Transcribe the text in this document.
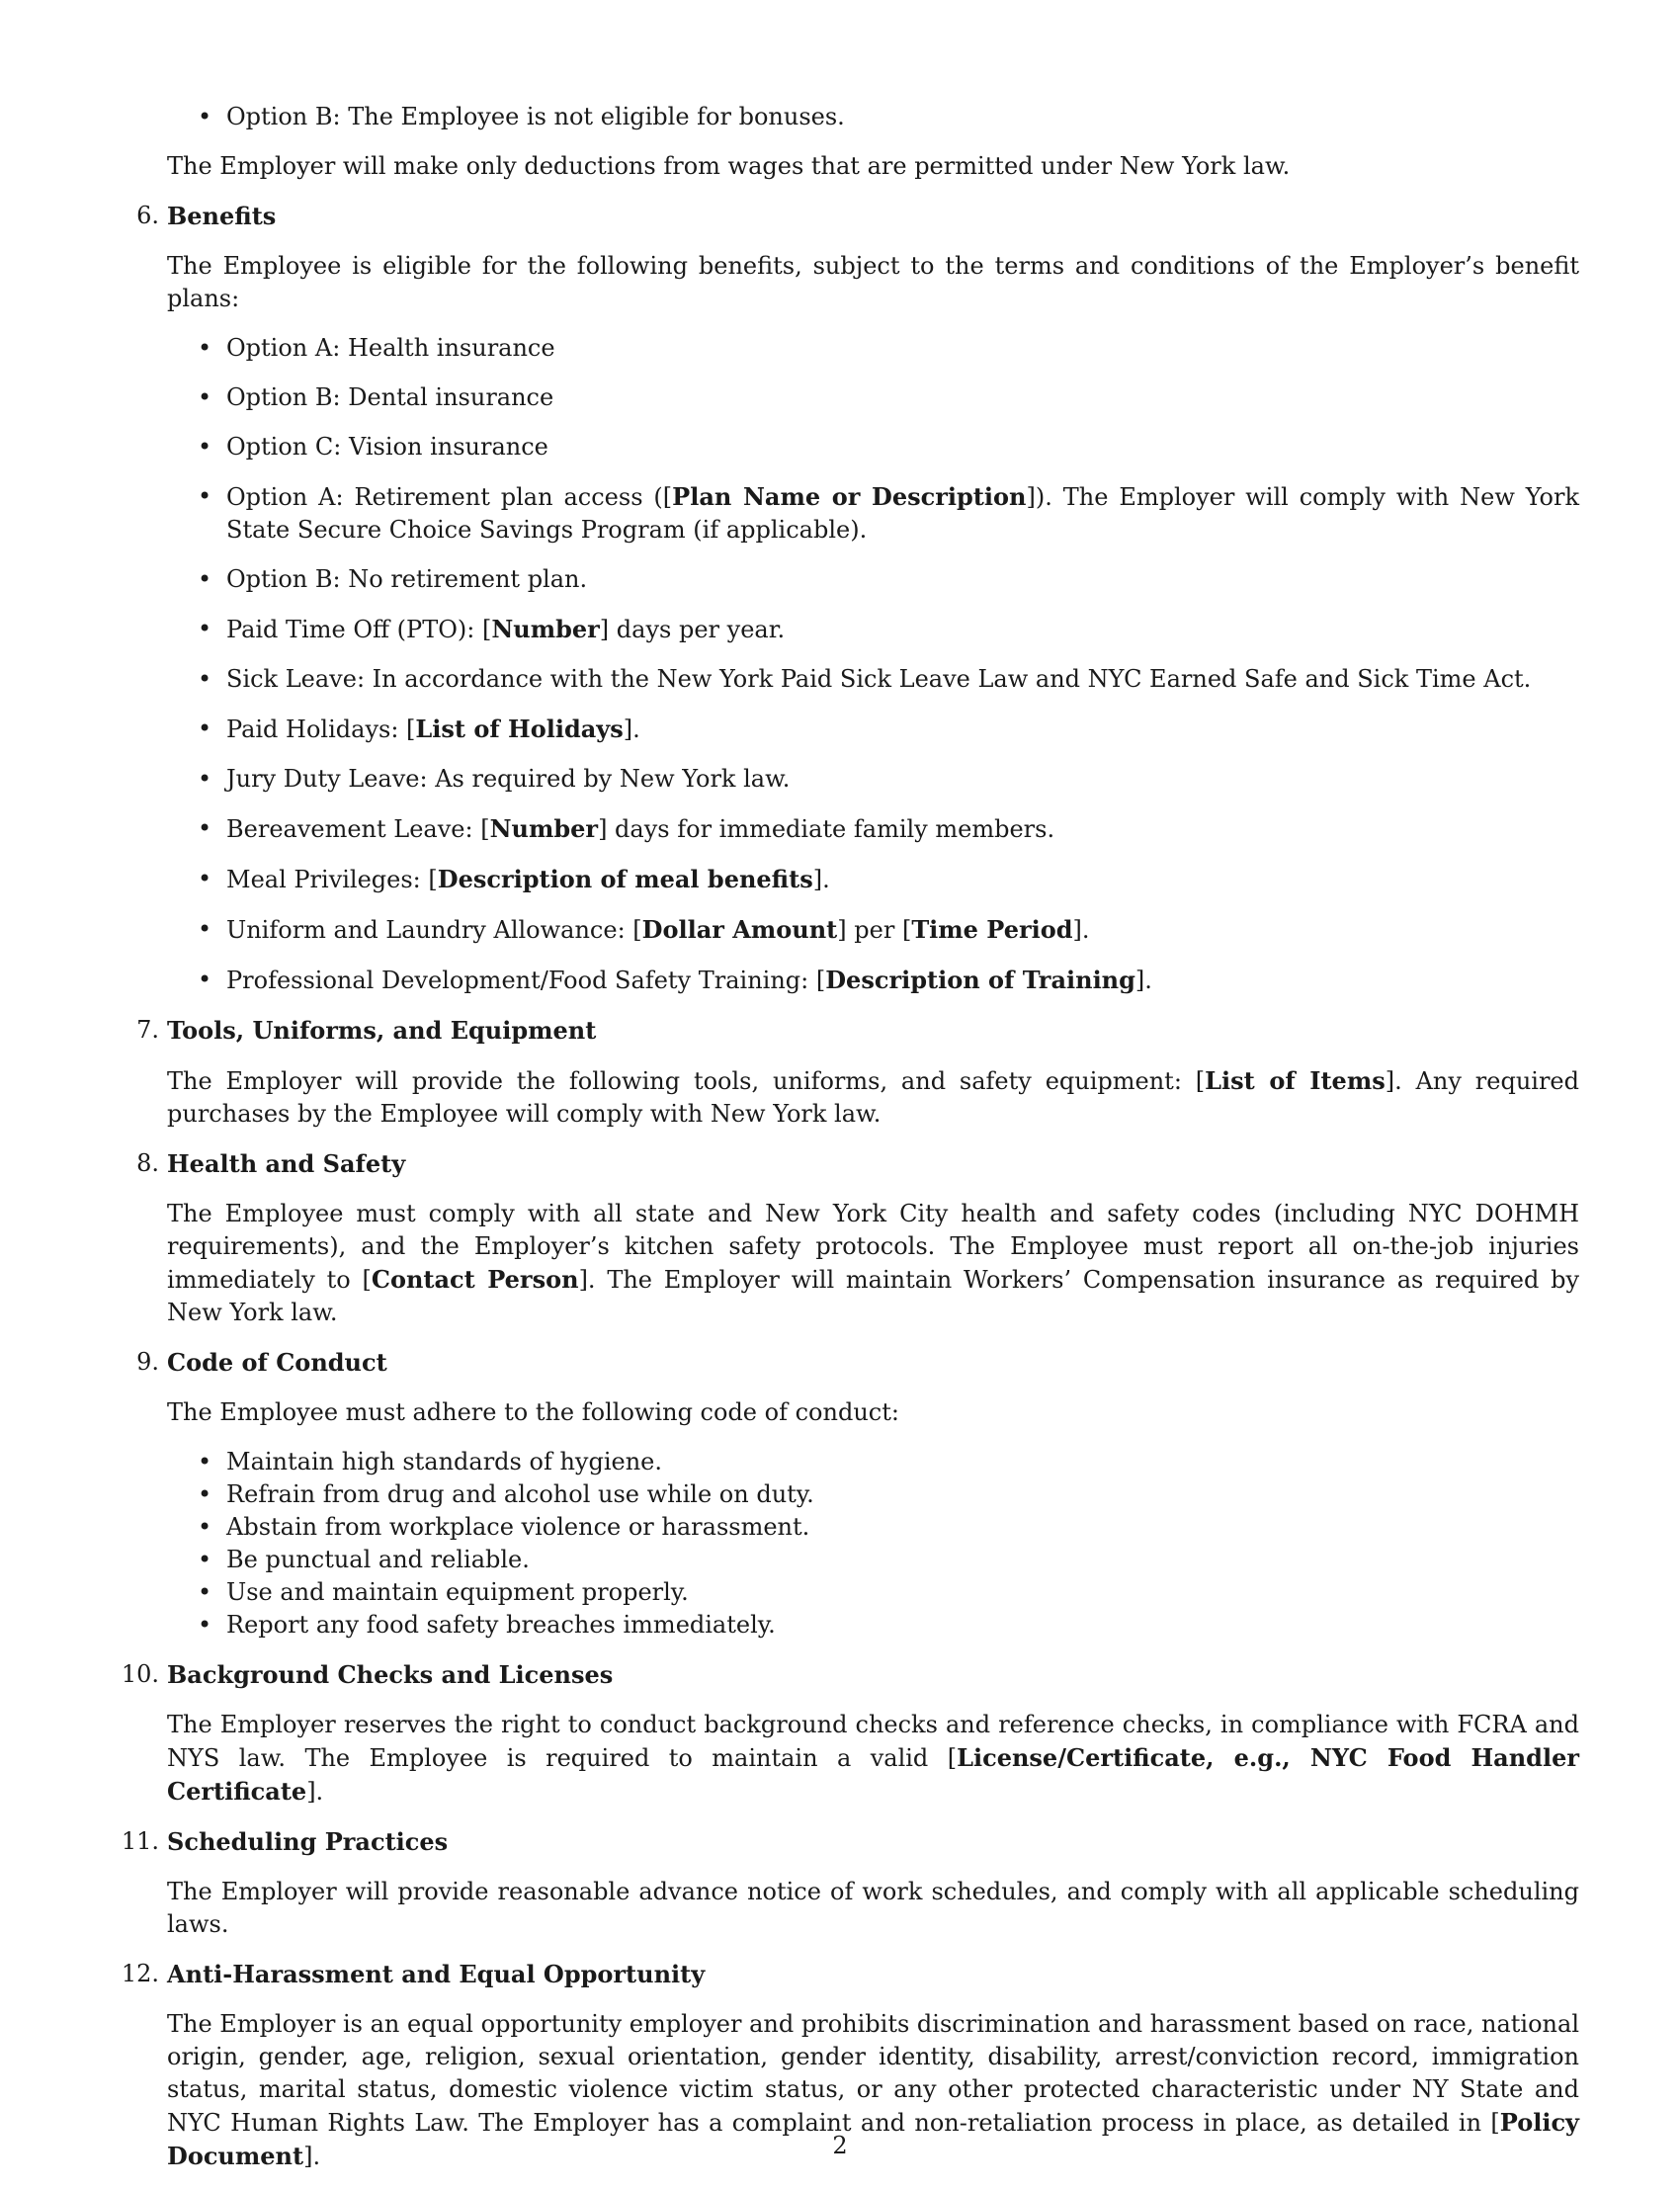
• Option B: The Employee is not eligible for bonuses.

The Employer will make only deductions from wages that are permitted under New York law.

6. Benefits

The Employee is eligible for the following benefits, subject to the terms and conditions of the Employer’s benefit plans:

• Option A: Health insurance
• Option B: Dental insurance
• Option C: Vision insurance
• Option A: Retirement plan access ([Plan Name or Description]). The Employer will comply with New York State Secure Choice Savings Program (if applicable).
• Option B: No retirement plan.
• Paid Time Off (PTO): [Number] days per year.
• Sick Leave: In accordance with the New York Paid Sick Leave Law and NYC Earned Safe and Sick Time Act.
• Paid Holidays: [List of Holidays].
• Jury Duty Leave: As required by New York law.
• Bereavement Leave: [Number] days for immediate family members.
• Meal Privileges: [Description of meal benefits].
• Uniform and Laundry Allowance: [Dollar Amount] per [Time Period].
• Professional Development/Food Safety Training: [Description of Training].
7. Tools, Uniforms, and Equipment

The Employer will provide the following tools, uniforms, and safety equipment: [List of Items]. Any required purchases by the Employee will comply with New York law.

8. Health and Safety

The Employee must comply with all state and New York City health and safety codes (including NYC DOHMH requirements), and the Employer’s kitchen safety protocols. The Employee must report all on-the-job injuries immediately to [Contact Person]. The Employer will maintain Workers’ Compensation insurance as required by New York law.

9. Code of Conduct

The Employee must adhere to the following code of conduct:

• Maintain high standards of hygiene.
• Refrain from drug and alcohol use while on duty.
• Abstain from workplace violence or harassment.
• Be punctual and reliable.
• Use and maintain equipment properly.
• Report any food safety breaches immediately.
10. Background Checks and Licenses

The Employer reserves the right to conduct background checks and reference checks, in compliance with FCRA and NYS law. The Employee is required to maintain a valid [License/Certificate, e.g., NYC Food Handler Certificate].

11. Scheduling Practices

The Employer will provide reasonable advance notice of work schedules, and comply with all applicable scheduling laws.

12. Anti-Harassment and Equal Opportunity

The Employer is an equal opportunity employer and prohibits discrimination and harassment based on race, national origin, gender, age, religion, sexual orientation, gender identity, disability, arrest/conviction record, immigration status, marital status, domestic violence victim status, or any other protected characteristic under NY State and NYC Human Rights Law. The Employer has a complaint and non-retaliation process in place, as detailed in [Policy Document].	2
